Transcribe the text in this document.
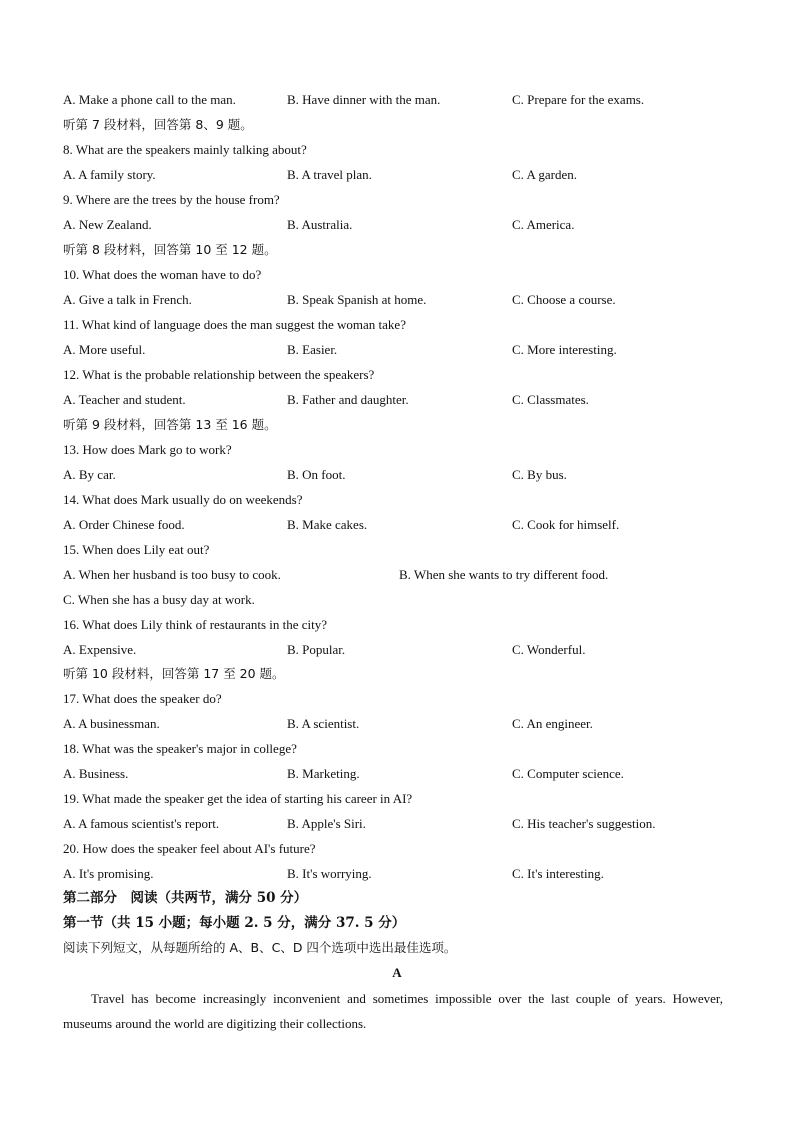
A. Make a phone call to the man.	B. Have dinner with the man.	C. Prepare for the exams.
听第 7 段材料，回答第 8、9 题。
8. What are the speakers mainly talking about?
A. A family story.	B. A travel plan.	C. A garden.
9. Where are the trees by the house from?
A. New Zealand.	B. Australia.	C. America.
听第 8 段材料，回答第 10 至 12 题。
10. What does the woman have to do?
A. Give a talk in French.	B. Speak Spanish at home.	C. Choose a course.
11. What kind of language does the man suggest the woman take?
A. More useful.	B. Easier.	C. More interesting.
12. What is the probable relationship between the speakers?
A. Teacher and student.	B. Father and daughter.	C. Classmates.
听第 9 段材料，回答第 13 至 16 题。
13. How does Mark go to work?
A. By car.	B. On foot.	C. By bus.
14. What does Mark usually do on weekends?
A. Order Chinese food.	B. Make cakes.	C. Cook for himself.
15. When does Lily eat out?
A. When her husband is too busy to cook.	B. When she wants to try different food.
C. When she has a busy day at work.
16. What does Lily think of restaurants in the city?
A. Expensive.	B. Popular.	C. Wonderful.
听第 10 段材料，回答第 17 至 20 题。
17. What does the speaker do?
A. A businessman.	B. A scientist.	C. An engineer.
18. What was the speaker's major in college?
A. Business.	B. Marketing.	C. Computer science.
19. What made the speaker get the idea of starting his career in AI?
A. A famous scientist's report.	B. Apple's Siri.	C. His teacher's suggestion.
20. How does the speaker feel about AI's future?
A. It's promising.	B. It's worrying.	C. It's interesting.
第二部分　阅读（共两节，满分 50 分）
第一节（共 15 小题；每小题 2. 5 分，满分 37. 5 分）
阅读下列短文，从每题所给的 A、B、C、D 四个选项中选出最佳选项。
A
Travel has become increasingly inconvenient and sometimes impossible over the last couple of years. However, museums around the world are digitizing their collections.
